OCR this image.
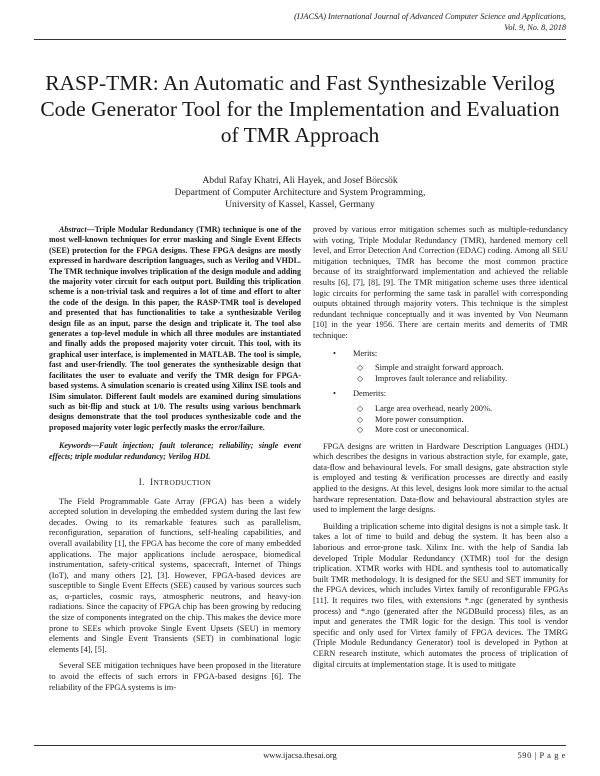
(IJACSA) International Journal of Advanced Computer Science and Applications,
Vol. 9, No. 8, 2018
RASP-TMR: An Automatic and Fast Synthesizable Verilog Code Generator Tool for the Implementation and Evaluation of TMR Approach
Abdul Rafay Khatri, Ali Hayek, and Josef Börcsök
Department of Computer Architecture and System Programming,
University of Kassel, Kassel, Germany

Abstract—Triple Modular Redundancy (TMR) technique is one of the most well-known techniques for error masking and Single Event Effects (SEE) protection for the FPGA designs. These FPGA designs are mostly expressed in hardware description languages, such as Verilog and VHDL. The TMR technique involves triplication of the design module and adding the majority voter circuit for each output port. Building this triplication scheme is a non-trivial task and requires a lot of time and effort to alter the code of the design. In this paper, the RASP-TMR tool is developed and presented that has functionalities to take a synthesizable Verilog design file as an input, parse the design and triplicate it. The tool also generates a top-level module in which all three modules are instantiated and finally adds the proposed majority voter circuit. This tool, with its graphical user interface, is implemented in MATLAB. The tool is simple, fast and user-friendly. The tool generates the synthesizable design that facilitates the user to evaluate and verify the TMR design for FPGA-based systems. A simulation scenario is created using Xilinx ISE tools and ISim simulator. Different fault models are examined during simulations such as bit-flip and stuck at 1/0. The results using various benchmark designs demonstrate that the tool produces synthesizable code and the proposed majority voter logic perfectly masks the error/failure.

Keywords—Fault injection; fault tolerance; reliability; single event effects; triple modular redundancy; Verilog HDL

I. INTRODUCTION

The Field Programmable Gate Array (FPGA) has been a widely accepted solution in developing the embedded system during the last few decades. Owing to its remarkable features such as parallelism, reconfiguration, separation of functions, self-healing capabilities, and overall availability [1], the FPGA has become the core of many embedded applications. The major applications include aerospace, biomedical instrumentation, safety-critical systems, spacecraft, Internet of Things (IoT), and many others [2], [3]. However, FPGA-based devices are susceptible to Single Event Effects (SEE) caused by various sources such as, α-particles, cosmic rays, atmospheric neutrons, and heavy-ion radiations. Since the capacity of FPGA chip has been growing by reducing the size of components integrated on the chip. This makes the device more prone to SEEs which provoke Single Event Upsets (SEU) in memory elements and Single Event Transients (SET) in combinational logic elements [4], [5].

Several SEE mitigation techniques have been proposed in the literature to avoid the effects of such errors in FPGA-based designs [6]. The reliability of the FPGA systems is im-

proved by various error mitigation schemes such as multiple-redundancy with voting, Triple Modular Redundancy (TMR), hardened memory cell level, and Error Detection And Correction (EDAC) coding. Among all SEU mitigation techniques, TMR has become the most common practice because of its straightforward implementation and achieved the reliable results [6], [7], [8], [9]. The TMR mitigation scheme uses three identical logic circuits for performing the same task in parallel with corresponding outputs obtained through majority voters. This technique is the simplest redundant technique conceptually and it was invented by Von Neumann [10] in the year 1956. There are certain merits and demerits of TMR technique:

• Merits:
◇ Simple and straight forward approach.
◇ Improves fault tolerance and reliability.
• Demerits:
◇ Large area overhead, nearly 200%.
◇ More power consumption.
◇ More cost or uneconomical.

FPGA designs are written in Hardware Description Languages (HDL) which describes the designs in various abstraction style, for example, gate, data-flow and behavioural levels. For small designs, gate abstraction style is employed and testing & verification processes are directly and easily applied to the designs. At this level, designs look more similar to the actual hardware representation. Data-flow and behavioural abstraction styles are used to implement the large designs.

Building a triplication scheme into digital designs is not a simple task. It takes a lot of time to build and debug the system. It has been also a laborious and error-prone task. Xilinx Inc. with the help of Sandia lab developed Triple Modular Redundancy (XTMR) tool for the design triplication. XTMR works with HDL and synthesis tool to automatically built TMR methodology. It is designed for the SEU and SET immunity for the FPGA devices, which includes Virtex family of reconfigurable FPGAs [11]. It requires two files, with extensions *.ngc (generated by synthesis process) and *.ngo (generated after the NGDBuild process) files, as an input and generates the TMR logic for the design. This tool is vendor specific and only used for Virtex family of FPGA devices. The TMRG (Triple Module Redundancy Generator) tool is developed in Python at CERN research institute, which automates the process of triplication of digital circuits at implementation stage. It is used to mitigate

www.ijacsa.thesai.org	590 | P a g e
